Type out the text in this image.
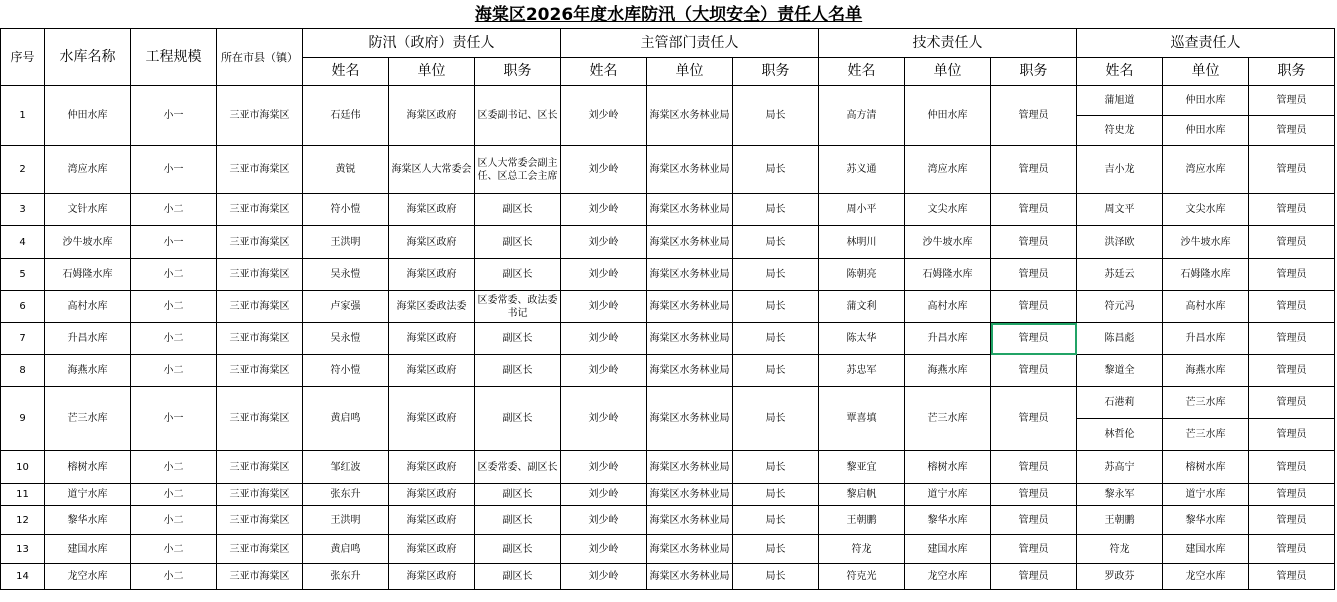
海棠区2026年度水库防汛（大坝安全）责任人名单
序号	水库名称	工程规模	所在市县（镇）	防汛（政府）责任人			主管部门责任人			技术责任人			巡查责任人		
				姓名	单位	职务	姓名	单位	职务	姓名	单位	职务	姓名	单位	职务
1	仲田水库	小一	三亚市海棠区	石廷伟	海棠区政府	区委副书记、区长	刘少岭	海棠区水务林业局	局长	高方清	仲田水库	管理员	蒲旭道	仲田水库	管理员
													符史龙	仲田水库	管理员
2	湾应水库	小一	三亚市海棠区	黄锐	海棠区人大常委会	区人大常委会副主任、区总工会主席	刘少岭	海棠区水务林业局	局长	苏义通	湾应水库	管理员	吉小龙	湾应水库	管理员
3	文针水库	小二	三亚市海棠区	符小愷	海棠区政府	副区长	刘少岭	海棠区水务林业局	局长	周小平	文尖水库	管理员	周文平	文尖水库	管理员
4	沙牛坡水库	小一	三亚市海棠区	王洪明	海棠区政府	副区长	刘少岭	海棠区水务林业局	局长	林明川	沙牛坡水库	管理员	洪泽欧	沙牛坡水库	管理员
5	石姆隆水库	小二	三亚市海棠区	吴永愷	海棠区政府	副区长	刘少岭	海棠区水务林业局	局长	陈朝亮	石姆隆水库	管理员	苏廷云	石姆隆水库	管理员
6	高村水库	小二	三亚市海棠区	卢家强	海棠区委政法委	区委常委、政法委书记	刘少岭	海棠区水务林业局	局长	蒲文利	高村水库	管理员	符元冯	高村水库	管理员
7	升昌水库	小二	三亚市海棠区	吴永愷	海棠区政府	副区长	刘少岭	海棠区水务林业局	局长	陈太华	升昌水库	管理员	陈昌彪	升昌水库	管理员
8	海燕水库	小二	三亚市海棠区	符小愷	海棠区政府	副区长	刘少岭	海棠区水务林业局	局长	苏忠军	海燕水库	管理员	黎道全	海燕水库	管理员
9	芒三水库	小一	三亚市海棠区	黄启鸣	海棠区政府	副区长	刘少岭	海棠区水务林业局	局长	覃喜填	芒三水库	管理员	石港莉	芒三水库	管理员
													林哲伦	芒三水库	管理员
10	榕树水库	小二	三亚市海棠区	邹红波	海棠区政府	区委常委、副区长	刘少岭	海棠区水务林业局	局长	黎亚宜	榕树水库	管理员	苏高宁	榕树水库	管理员
11	道宁水库	小二	三亚市海棠区	张东升	海棠区政府	副区长	刘少岭	海棠区水务林业局	局长	黎启帆	道宁水库	管理员	黎永军	道宁水库	管理员
12	黎华水库	小二	三亚市海棠区	王洪明	海棠区政府	副区长	刘少岭	海棠区水务林业局	局长	王朝鹏	黎华水库	管理员	王朝鹏	黎华水库	管理员
13	建国水库	小二	三亚市海棠区	黄启鸣	海棠区政府	副区长	刘少岭	海棠区水务林业局	局长	符龙	建国水库	管理员	符龙	建国水库	管理员
14	龙空水库	小二	三亚市海棠区	张东升	海棠区政府	副区长	刘少岭	海棠区水务林业局	局长	符克光	龙空水库	管理员	罗政芬	龙空水库	管理员
